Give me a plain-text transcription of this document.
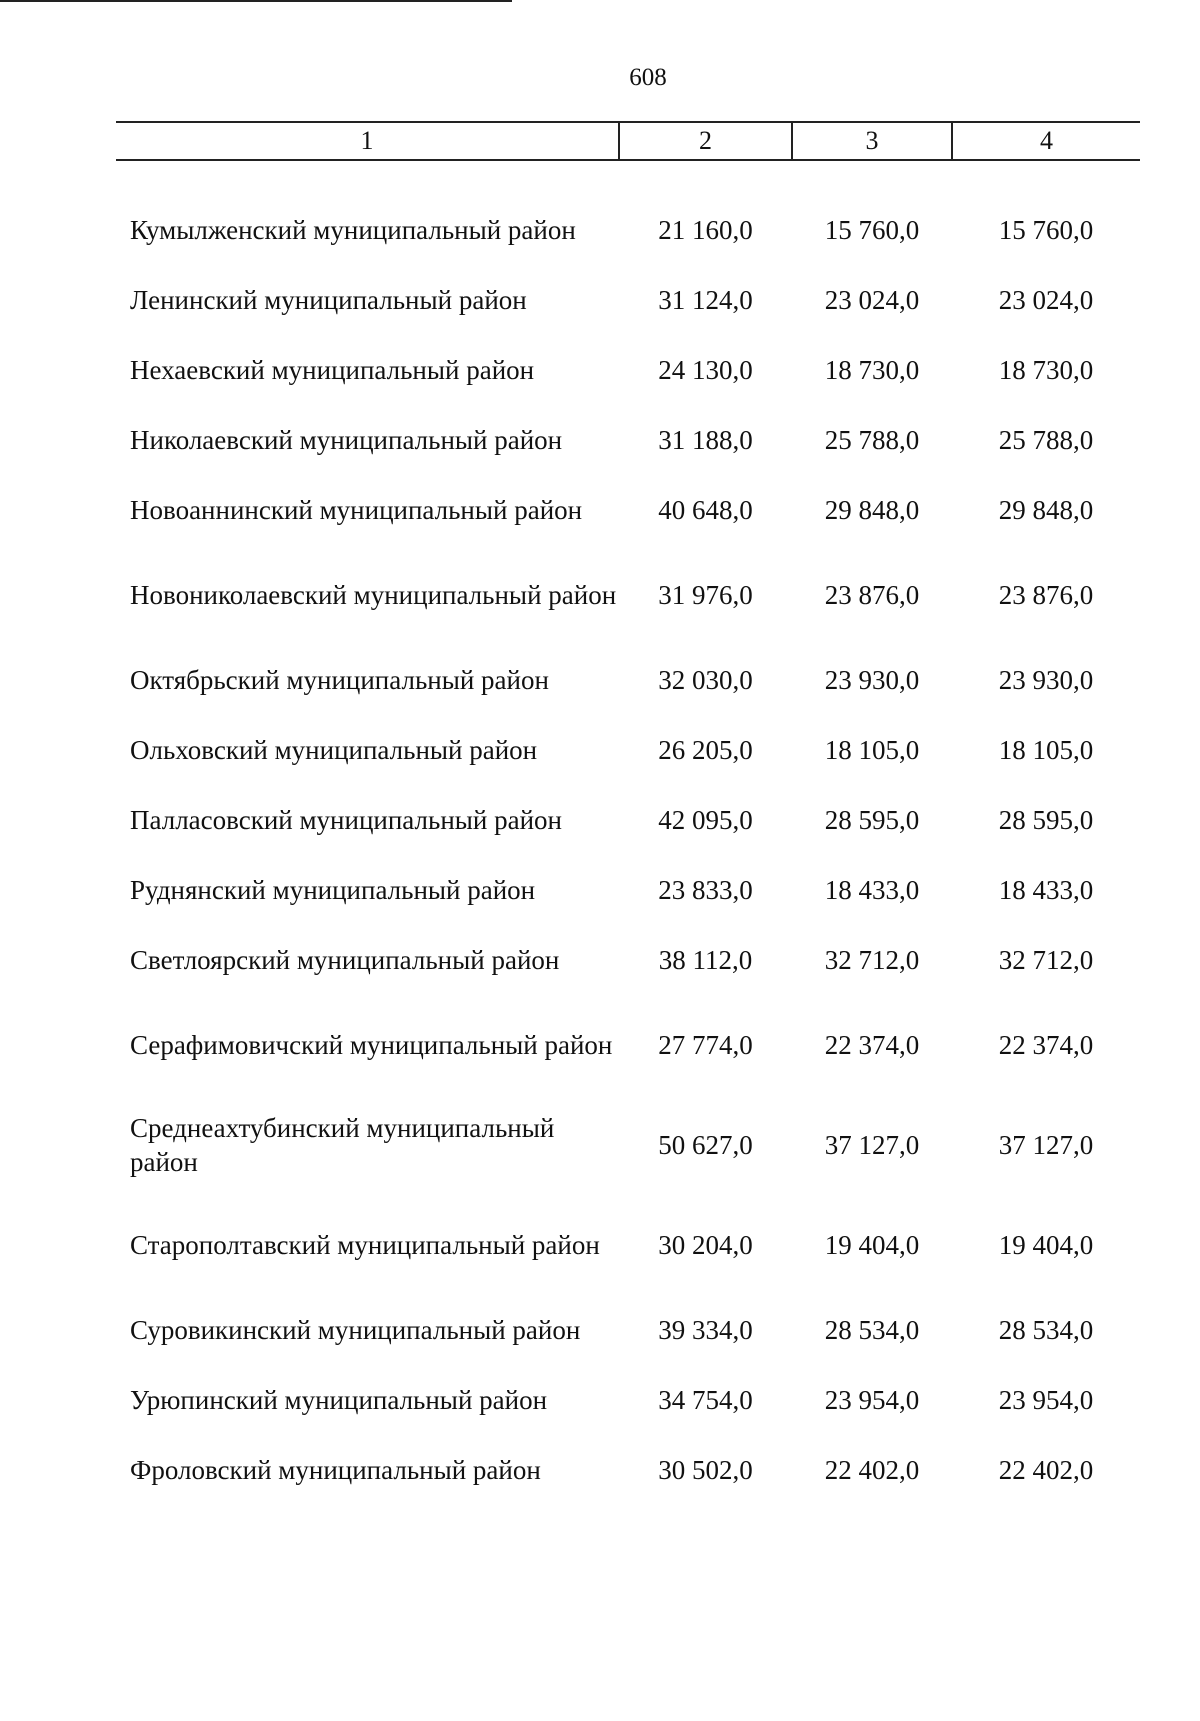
608
1	2	3	4

Кумылженский муниципальный район	21 160,0	15 760,0	15 760,0
Ленинский муниципальный район	31 124,0	23 024,0	23 024,0
Нехаевский муниципальный район	24 130,0	18 730,0	18 730,0
Николаевский муниципальный район	31 188,0	25 788,0	25 788,0
Новоаннинский муниципальный район	40 648,0	29 848,0	29 848,0
Новониколаевский муниципальный район	31 976,0	23 876,0	23 876,0
Октябрьский муниципальный район	32 030,0	23 930,0	23 930,0
Ольховский муниципальный район	26 205,0	18 105,0	18 105,0
Палласовский муниципальный район	42 095,0	28 595,0	28 595,0
Руднянский муниципальный район	23 833,0	18 433,0	18 433,0
Светлоярский муниципальный район	38 112,0	32 712,0	32 712,0
Серафимовичский муниципальный район	27 774,0	22 374,0	22 374,0
Среднеахтубинский муниципальный район	50 627,0	37 127,0	37 127,0
Старополтавский муниципальный район	30 204,0	19 404,0	19 404,0
Суровикинский муниципальный район	39 334,0	28 534,0	28 534,0
Урюпинский муниципальный район	34 754,0	23 954,0	23 954,0
Фроловский муниципальный район	30 502,0	22 402,0	22 402,0
